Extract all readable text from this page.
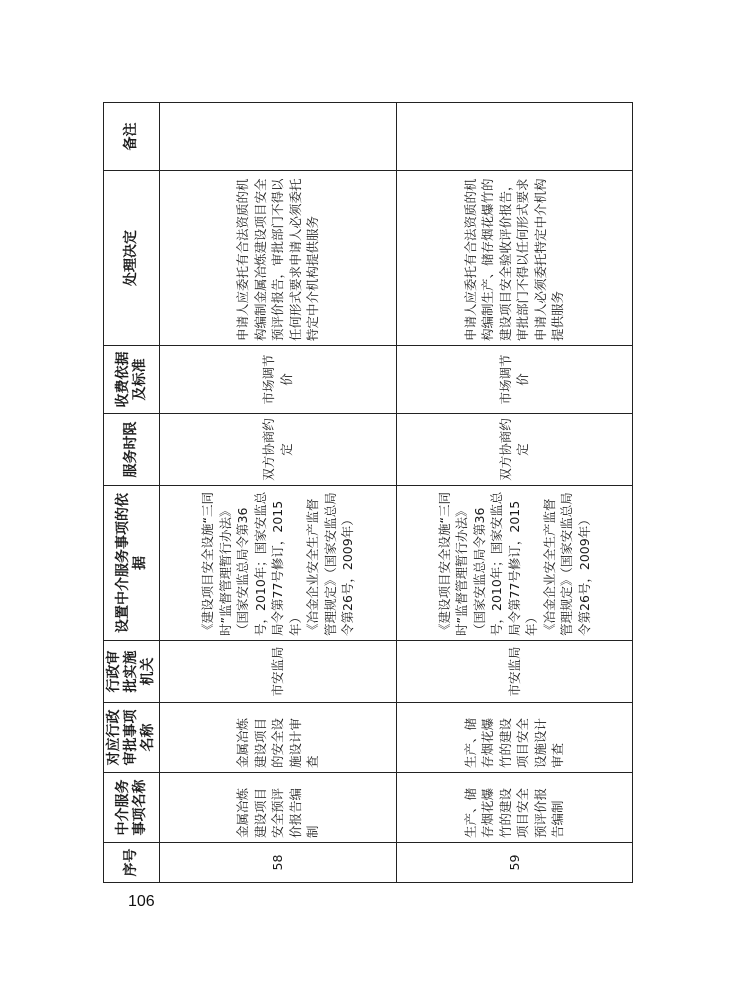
序号	中介服务事项名称	对应行政审批事项名称	行政审批实施机关	设置中介服务事项的依据	服务时限	收费依据及标准	处理决定	备注
58	金属冶炼建设项目安全预评价报告编制	金属冶炼建设项目的安全设施设计审查	市安监局	《建设项目安全设施“三同时”监督管理暂行办法》（国家安监总局令第36号，2010年；国家安监总局令第77号修订，2015年） 《冶金企业安全生产监督管理规定》（国家安监总局令第26号，2009年）	双方协商约定	市场调节价	申请人应委托有合法资质的机构编制金属冶炼建设项目安全预评价报告，审批部门不得以任何形式要求申请人必须委托特定中介机构提供服务	
59	生产、储存烟花爆竹的建设项目安全预评价报告编制	生产、储存烟花爆竹的建设项目安全设施设计审查	市安监局	《建设项目安全设施“三同时”监督管理暂行办法》（国家安监总局令第36号，2010年；国家安监总局令第77号修订，2015年） 《冶金企业安全生产监督管理规定》（国家安监总局令第26号，2009年）	双方协商约定	市场调节价	申请人应委托有合法资质的机构编制生产、储存烟花爆竹的建设项目安全验收评价报告，审批部门不得以任何形式要求申请人必须委托特定中介机构提供服务	
106
